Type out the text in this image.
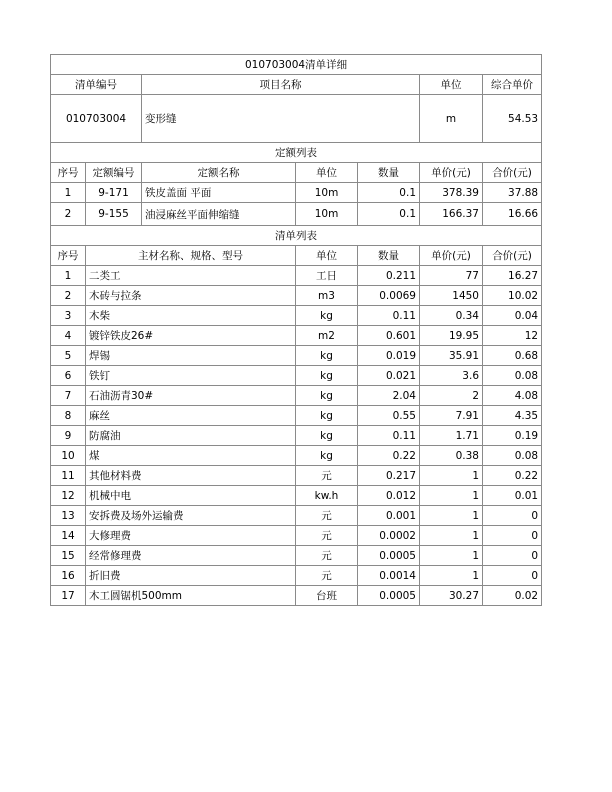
010703004清单详细						
清单编号		项目名称			单位	综合单价
010703004		变形缝			m	54.53
定额列表						
序号	定额编号	定额名称	单位	数量	单价(元)	合价(元)
1	9-171	铁皮盖面 平面	10m	0.1	378.39	37.88
2	9-155	油浸麻丝平面伸缩缝	10m	0.1	166.37	16.66
清单列表						
序号	主材名称、规格、型号		单位	数量	单价(元)	合价(元)
1	二类工		工日	0.211	77	16.27
2	木砖与拉条		m3	0.0069	1450	10.02
3	木柴		kg	0.11	0.34	0.04
4	镀锌铁皮26#		m2	0.601	19.95	12
5	焊锡		kg	0.019	35.91	0.68
6	铁钉		kg	0.021	3.6	0.08
7	石油沥青30#		kg	2.04	2	4.08
8	麻丝		kg	0.55	7.91	4.35
9	防腐油		kg	0.11	1.71	0.19
10	煤		kg	0.22	0.38	0.08
11	其他材料费		元	0.217	1	0.22
12	机械中电		kw.h	0.012	1	0.01
13	安拆费及场外运输费		元	0.001	1	0
14	大修理费		元	0.0002	1	0
15	经常修理费		元	0.0005	1	0
16	折旧费		元	0.0014	1	0
17	木工圆锯机500mm		台班	0.0005	30.27	0.02
